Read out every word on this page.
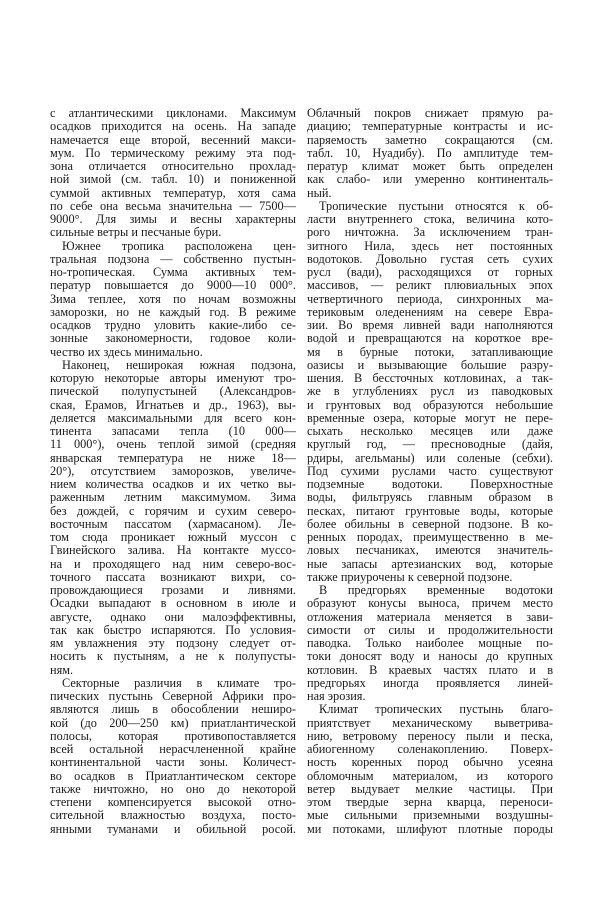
с атлантическими циклонами. Максимум
осадков приходится на осень. На западе
намечается еще второй, весенний макси-
мум. По термическому режиму эта под-
зона отличается относительно прохлад-
ной зимой (см. табл. 10) и пониженной
суммой активных температур, хотя сама
по себе она весьма значительна — 7500—
9000°. Для зимы и весны характерны
сильные ветры и песчаные бури.
Южнее тропика расположена цен-
тральная подзона — собственно пустын-
но-тропическая. Сумма активных тем-
ператур повышается до 9000—10 000°.
Зима теплее, хотя по ночам возможны
заморозки, но не каждый год. В режиме
осадков трудно уловить какие-либо се-
зонные закономерности, годовое коли-
чество их здесь минимально.
Наконец, неширокая южная подзона,
которую некоторые авторы именуют тро-
пической полупустыней (Александров-
ская, Ерамов, Игнатьев и др., 1963), вы-
деляется максимальными для всего кон-
тинента запасами тепла (10 000—
11 000°), очень теплой зимой (средняя
январская температура не ниже 18—
20°), отсутствием заморозков, увеличе-
нием количества осадков и их четко вы-
раженным летним максимумом. Зима
без дождей, с горячим и сухим северо-
восточным пассатом (хармасаном). Ле-
том сюда проникает южный муссон с
Гвинейского залива. На контакте муссо-
на и проходящего над ним северо-вос-
точного пассата возникают вихри, со-
провождающиеся грозами и ливнями.
Осадки выпадают в основном в июле и
августе, однако они малоэффективны,
так как быстро испаряются. По условия-
ям увлажнения эту подзону следует от-
носить к пустыням, а не к полупусты-
ням.
Секторные различия в климате тро-
пических пустынь Северной Африки про-
являются лишь в обособлении неширо-
кой (до 200—250 км) приатлантической
полосы, которая противопоставляется
всей остальной нерасчлененной крайне
континентальной части зоны. Количест-
во осадков в Приатлантическом секторе
также ничтожно, но оно до некоторой
степени компенсируется высокой отно-
сительной влажностью воздуха, посто-
янными туманами и обильной росой.
Облачный покров снижает прямую ра-
диацию; температурные контрасты и ис-
паряемость заметно сокращаются (см.
табл. 10, Нуадибу). По амплитуде тем-
ператур климат может быть определен
как слабо- или умеренно континенталь-
ный.
Тропические пустыни относятся к об-
ласти внутреннего стока, величина кото-
рого ничтожна. За исключением тран-
зитного Нила, здесь нет постоянных
водотоков. Довольно густая сеть сухих
русл (вади), расходящихся от горных
массивов, — реликт плювиальных эпох
четвертичного периода, синхронных ма-
териковым оледенениям на севере Евра-
зии. Во время ливней вади наполняются
водой и превращаются на короткое вре-
мя в бурные потоки, затапливающие
оазисы и вызывающие большие разру-
шения. В бессточных котловинах, а так-
же в углублениях русл из паводковых
и грунтовых вод образуются небольшие
временные озера, которые могут не пере-
сыхать несколько месяцев или даже
круглый год, — пресноводные (дайя,
рдиры, агельманы) или соленые (себхи).
Под сухими руслами часто существуют
подземные водотоки. Поверхностные
воды, фильтруясь главным образом в
песках, питают грунтовые воды, которые
более обильны в северной подзоне. В ко-
ренных породах, преимущественно в ме-
ловых песчаниках, имеются значитель-
ные запасы артезианских вод, которые
также приурочены к северной подзоне.
В предгорьях временные водотоки
образуют конусы выноса, причем место
отложения материала меняется в зави-
симости от силы и продолжительности
паводка. Только наиболее мощные по-
токи доносят воду и наносы до крупных
котловин. В краевых частях плато и в
предгорьях иногда проявляется линей-
ная эрозия.
Климат тропических пустынь благо-
приятствует механическому выветрива-
нию, ветровому переносу пыли и песка,
абиогенному соленакоплению. Поверх-
ность коренных пород обычно усеяна
обломочным материалом, из которого
ветер выдувает мелкие частицы. При
этом твердые зерна кварца, переноси-
мые сильными приземными воздушны-
ми потоками, шлифуют плотные породы
